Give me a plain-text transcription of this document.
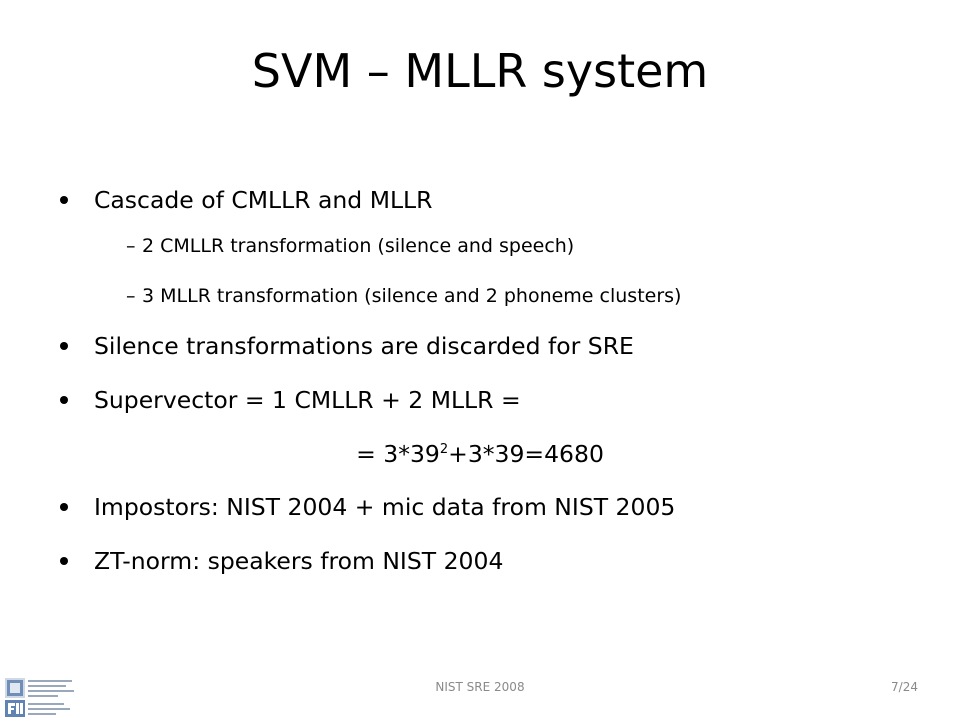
SVM – MLLR system
Cascade of CMLLR and MLLR
– 2 CMLLR transformation (silence and speech)
– 3 MLLR transformation (silence and 2 phoneme clusters)
Silence transformations are discarded for SRE
Supervector = 1 CMLLR + 2 MLLR =
= $3*39^2+3*39=4680$
Impostors: NIST 2004 + mic data from NIST 2005
ZT-norm: speakers from NIST 2004
NIST SRE 2008	7/24
